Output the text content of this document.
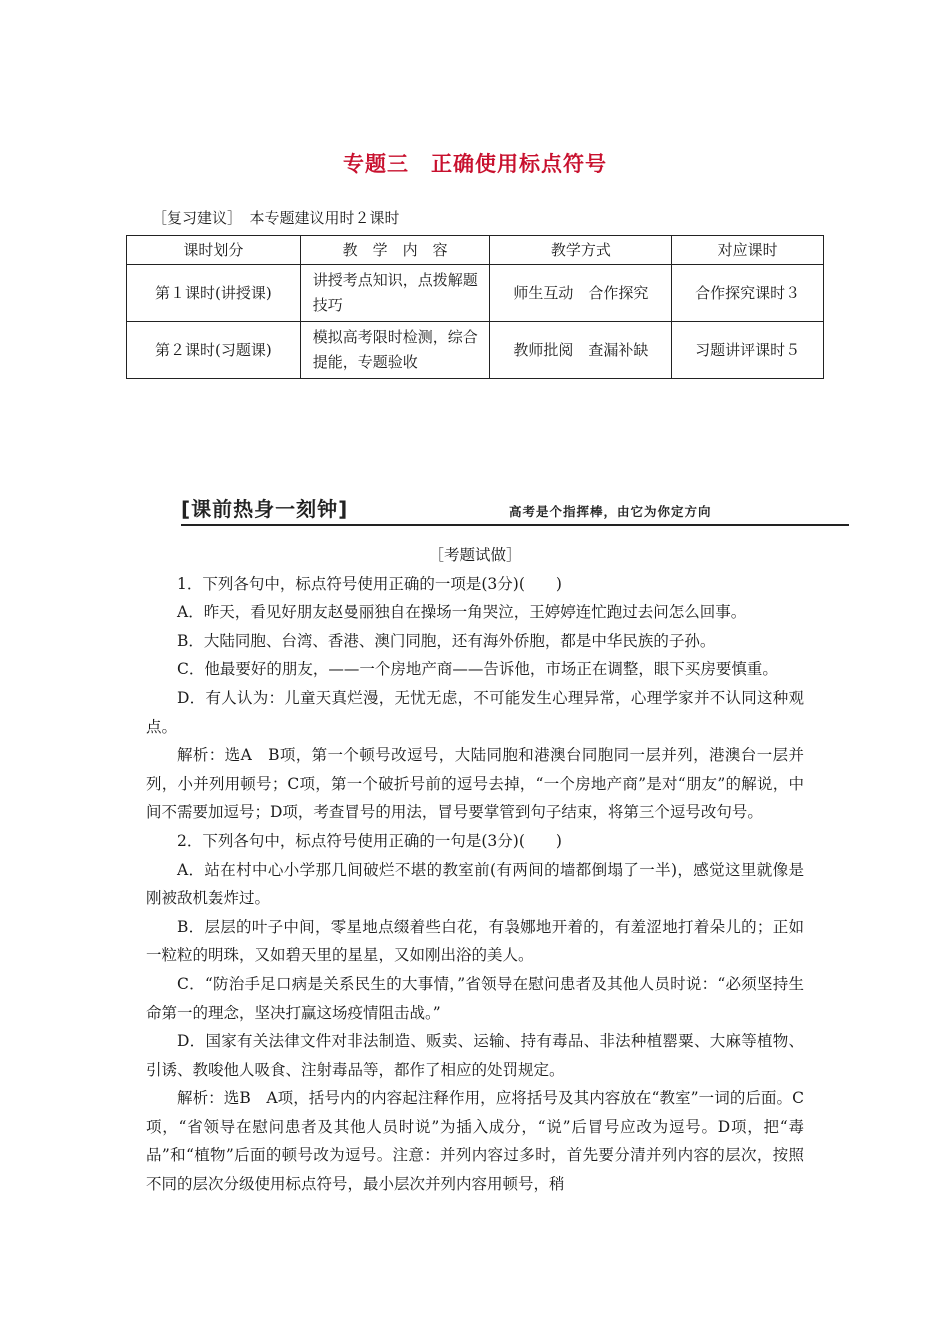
专题三　正确使用标点符号
［复习建议］　本专题建议用时２课时
课时划分	教　学　内　容	教学方式	对应课时
第１课时(讲授课)	讲授考点知识，点拨解题技巧	师生互动　合作探究	合作探究课时３
第２课时(习题课)	模拟高考限时检测，综合提能，专题验收	教师批阅　查漏补缺	习题讲评课时５
[课前热身一刻钟]	高考是个指挥棒，由它为你定方向

［考题试做］

1．下列各句中，标点符号使用正确的一项是(3分)(　　)

A．昨天，看见好朋友赵曼丽独自在操场一角哭泣，王婷婷连忙跑过去问怎么回事。

B．大陆同胞、台湾、香港、澳门同胞，还有海外侨胞，都是中华民族的子孙。

C．他最要好的朋友，——一个房地产商——告诉他，市场正在调整，眼下买房要慎重。

D．有人认为：儿童天真烂漫，无忧无虑，不可能发生心理异常，心理学家并不认同这种观点。

解析：选A　B项，第一个顿号改逗号，大陆同胞和港澳台同胞同一层并列，港澳台一层并列，小并列用顿号；C项，第一个破折号前的逗号去掉，“一个房地产商”是对“朋友”的解说，中间不需要加逗号；D项，考查冒号的用法，冒号要掌管到句子结束，将第三个逗号改句号。

2．下列各句中，标点符号使用正确的一句是(3分)(　　)

A．站在村中心小学那几间破烂不堪的教室前(有两间的墙都倒塌了一半)，感觉这里就像是刚被敌机轰炸过。

B．层层的叶子中间，零星地点缀着些白花，有袅娜地开着的，有羞涩地打着朵儿的；正如一粒粒的明珠，又如碧天里的星星，又如刚出浴的美人。

C．“防治手足口病是关系民生的大事情，”省领导在慰问患者及其他人员时说：“必须坚持生命第一的理念，坚决打赢这场疫情阻击战。”

D．国家有关法律文件对非法制造、贩卖、运输、持有毒品、非法种植罂粟、大麻等植物、引诱、教唆他人吸食、注射毒品等，都作了相应的处罚规定。

解析：选B　A项，括号内的内容起注释作用，应将括号及其内容放在“教室”一词的后面。C项，“省领导在慰问患者及其他人员时说”为插入成分，“说”后冒号应改为逗号。D项，把“毒品”和“植物”后面的顿号改为逗号。注意：并列内容过多时，首先要分清并列内容的层次，按照不同的层次分级使用标点符号，最小层次并列内容用顿号，稍
